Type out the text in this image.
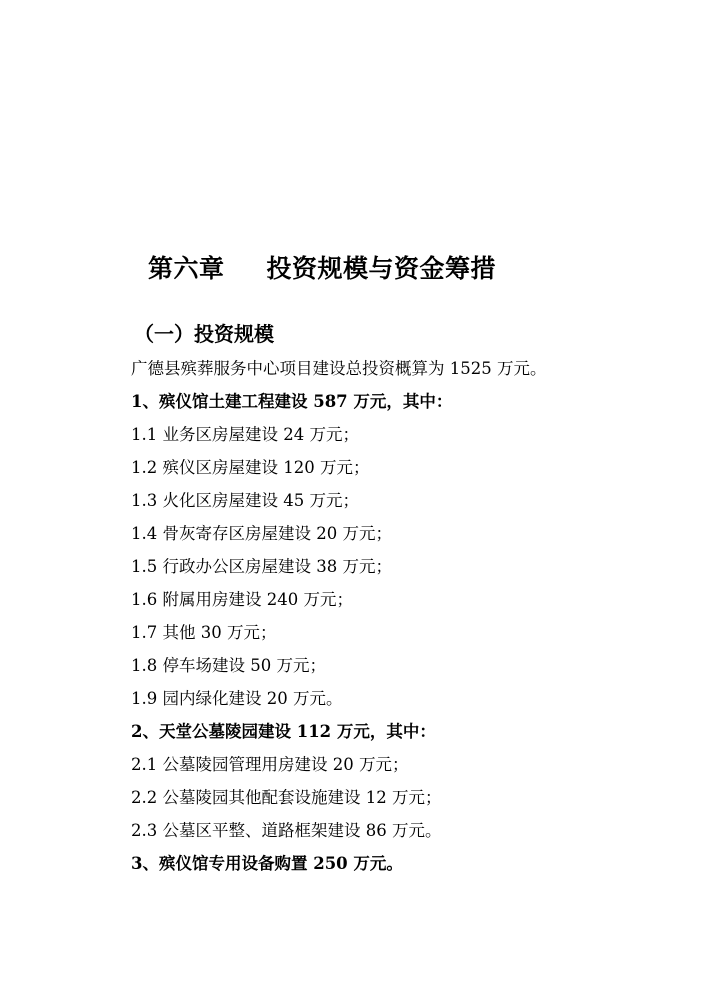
第六章 投资规模与资金筹措
（一）投资规模
广德县殡葬服务中心项目建设总投资概算为 1525 万元。
1、殡仪馆土建工程建设 587 万元，其中：
1.1 业务区房屋建设 24 万元；
1.2 殡仪区房屋建设 120 万元；
1.3 火化区房屋建设 45 万元；
1.4 骨灰寄存区房屋建设 20 万元；
1.5 行政办公区房屋建设 38 万元；
1.6 附属用房建设 240 万元；
1.7 其他 30 万元；
1.8 停车场建设 50 万元；
1.9 园内绿化建设 20 万元。
2、天堂公墓陵园建设 112 万元，其中：
2.1 公墓陵园管理用房建设 20 万元；
2.2 公墓陵园其他配套设施建设 12 万元；
2.3 公墓区平整、道路框架建设 86 万元。
3、殡仪馆专用设备购置 250 万元。
